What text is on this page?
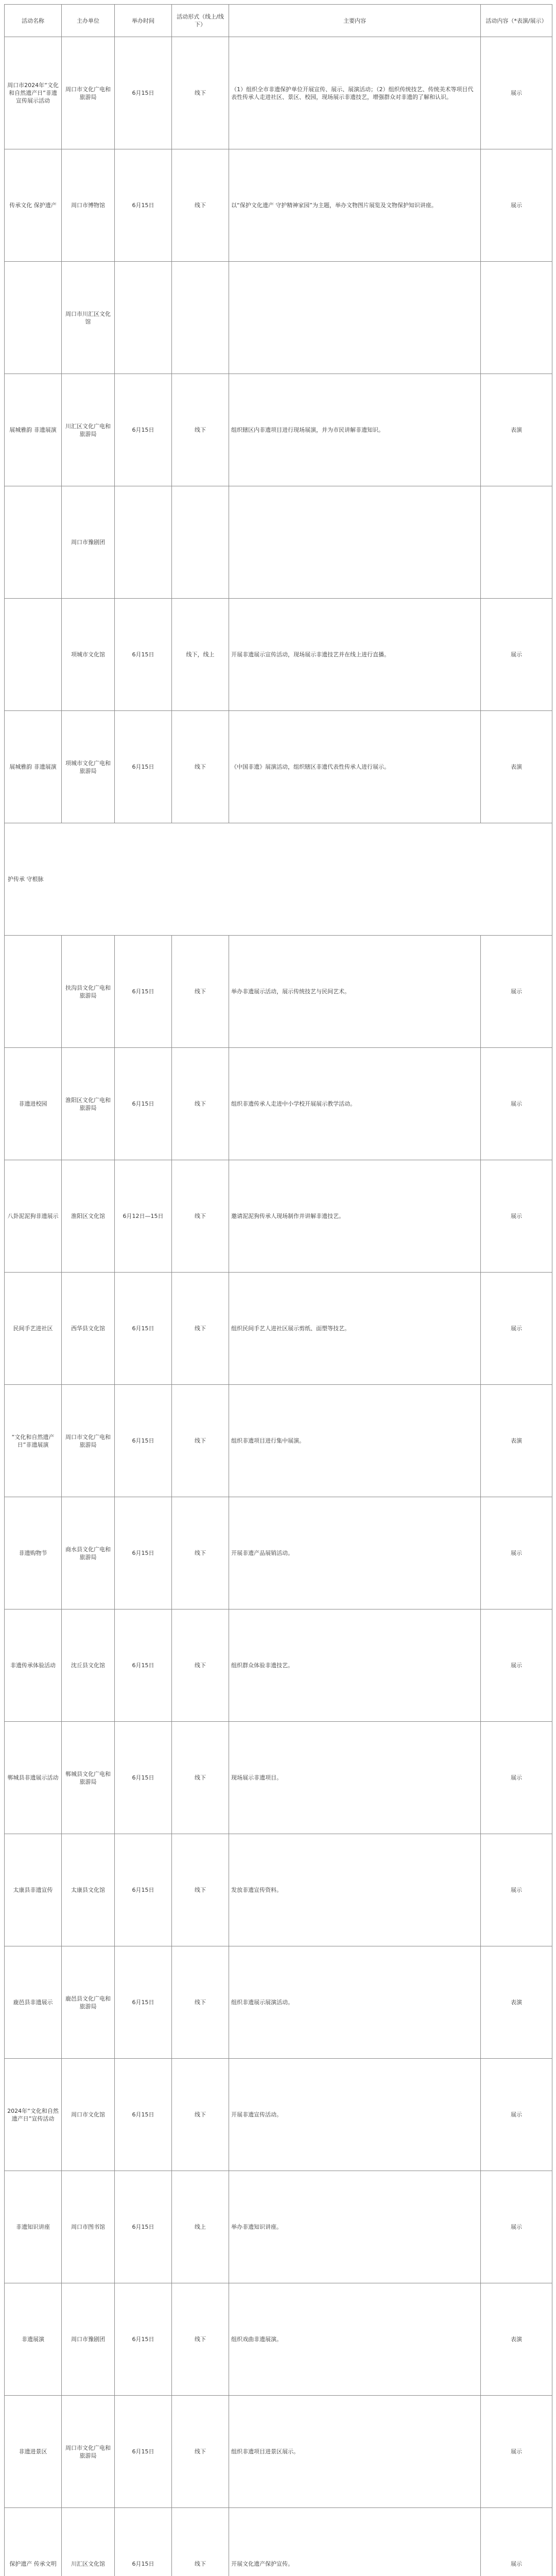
活动名称	主办单位	举办时间	活动形式（线上/线下）	主要内容	活动内容（*表演/展示）
周口市2024年“文化和自然遗产日”非遗宣传展示活动	周口市文化广电和旅游局	6月15日	线下	（1）组织全市非遗保护单位开展宣传、展示、展演活动；（2）组织传统技艺、传统美术等项目代表性传承人走进社区、景区、校园，现场展示非遗技艺，增强群众对非遗的了解和认识。	展示
传承文化 保护遗产	周口市博物馆	6月15日	线下	以“保护文化遗产 守护精神家园”为主题，举办文物图片展览及文物保护知识讲座。	展示
	周口市川汇区文化馆				
展城雅韵 非遗展演	川汇区文化广电和旅游局	6月15日	线下	组织辖区内非遗项目进行现场展演，并为市民讲解非遗知识。	表演
	周口市豫剧团				
	项城市文化馆	6月15日	线下，线上	开展非遗展示宣传活动，现场展示非遗技艺并在线上进行直播。	展示
展城雅韵 非遗展演	项城市文化广电和旅游局	6月15日	线下	《中国非遗》展演活动，组织辖区非遗代表性传承人进行展示。	表演
护传承 守根脉					
	扶沟县文化广电和旅游局	6月15日	线下	举办非遗展示活动，展示传统技艺与民间艺术。	展示
非遗进校园	淮阳区文化广电和旅游局	6月15日	线下	组织非遗传承人走进中小学校开展展示教学活动。	展示
八卦泥泥狗非遗展示	淮阳区文化馆	6月12日—15日	线下	邀请泥泥狗传承人现场制作并讲解非遗技艺。	展示
民间手艺进社区	西华县文化馆	6月15日	线下	组织民间手艺人进社区展示剪纸、面塑等技艺。	展示
“文化和自然遗产日”非遗展演	周口市文化广电和旅游局	6月15日	线下	组织非遗项目进行集中展演。	表演
非遗购物节	商水县文化广电和旅游局	6月15日	线下	开展非遗产品展销活动。	展示
非遗传承体验活动	沈丘县文化馆	6月15日	线下	组织群众体验非遗技艺。	展示
郸城县非遗展示活动	郸城县文化广电和旅游局	6月15日	线下	现场展示非遗项目。	展示
太康县非遗宣传	太康县文化馆	6月15日	线下	发放非遗宣传资料。	展示
鹿邑县非遗展示	鹿邑县文化广电和旅游局	6月15日	线下	组织非遗展示展演活动。	表演
2024年“文化和自然遗产日”宣传活动	周口市文化馆	6月15日	线下	开展非遗宣传活动。	展示
非遗知识讲座	周口市图书馆	6月15日	线上	举办非遗知识讲座。	展示
非遗展演	周口市豫剧团	6月15日	线下	组织戏曲非遗展演。	表演
非遗进景区	周口市文化广电和旅游局	6月15日	线下	组织非遗项目进景区展示。	展示
保护遗产 传承文明	川汇区文化馆	6月15日	线下	开展文化遗产保护宣传。	展示
